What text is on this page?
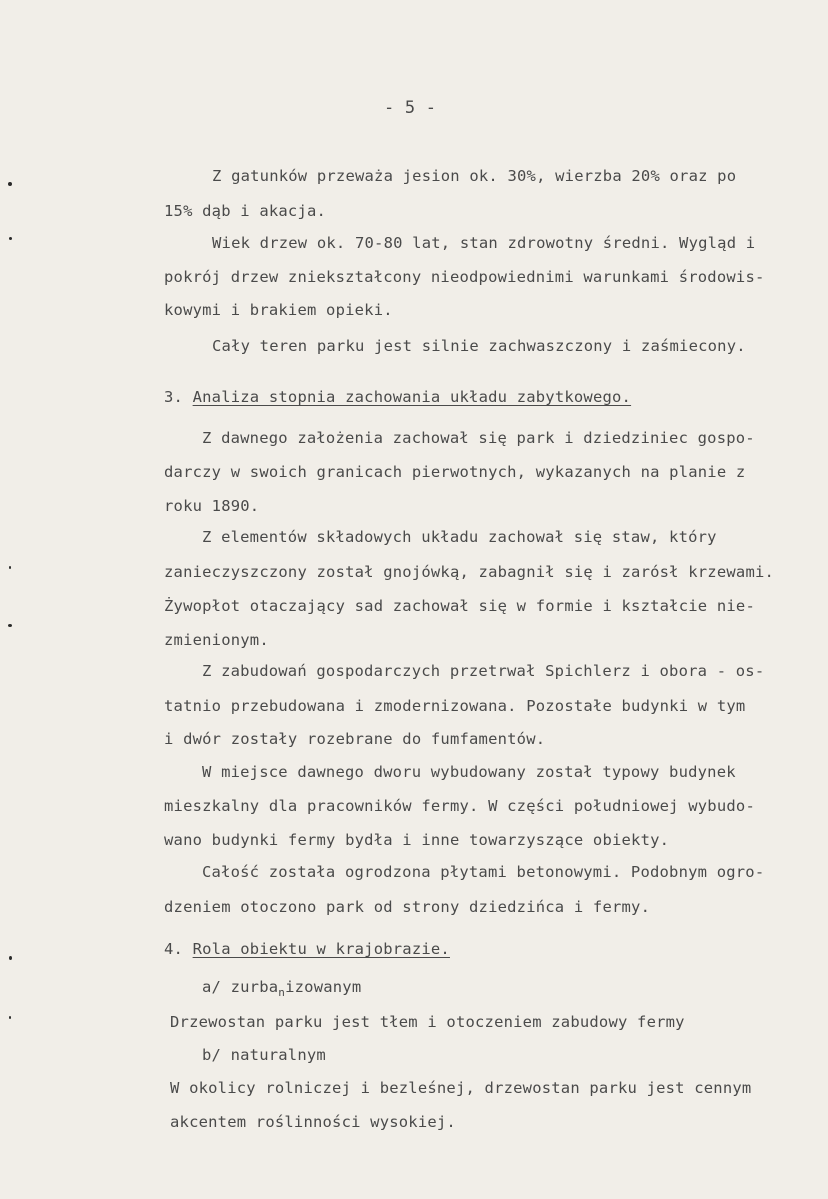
- 5 -
Z gatunków przeważa jesion ok. 30%, wierzba 20% oraz po
15% dąb i akacja.
Wiek drzew ok. 70-80 lat, stan zdrowotny średni. Wygląd i
pokrój drzew zniekształcony nieodpowiednimi warunkami środowis-
kowymi i brakiem opieki.
Cały teren parku jest silnie zachwaszczony i zaśmiecony.
3. Analiza stopnia zachowania układu zabytkowego.
Z dawnego założenia zachował się park i dziedziniec gospo-
darczy w swoich granicach pierwotnych, wykazanych na planie z
roku 1890.
Z elementów składowych układu zachował się staw, który
zanieczyszczony został gnojówką, zabagnił się i zarósł krzewami.
Żywopłot otaczający sad zachował się w formie i kształcie nie-
zmienionym.
Z zabudowań gospodarczych przetrwał Spichlerz i obora - os-
tatnio przebudowana i zmodernizowana. Pozostałe budynki w tym
i dwór zostały rozebrane do fumfamentów.
W miejsce dawnego dworu wybudowany został typowy budynek
mieszkalny dla pracowników fermy. W części południowej wybudo-
wano budynki fermy bydła i inne towarzyszące obiekty.
Całość została ogrodzona płytami betonowymi. Podobnym ogro-
dzeniem otoczono park od strony dziedzińca i fermy.
4. Rola obiektu w krajobrazie.
a/ zurba$_n$izowanym
Drzewostan parku jest tłem i otoczeniem zabudowy fermy
b/ naturalnym
W okolicy rolniczej i bezleśnej, drzewostan parku jest cennym
akcentem roślinności wysokiej.
